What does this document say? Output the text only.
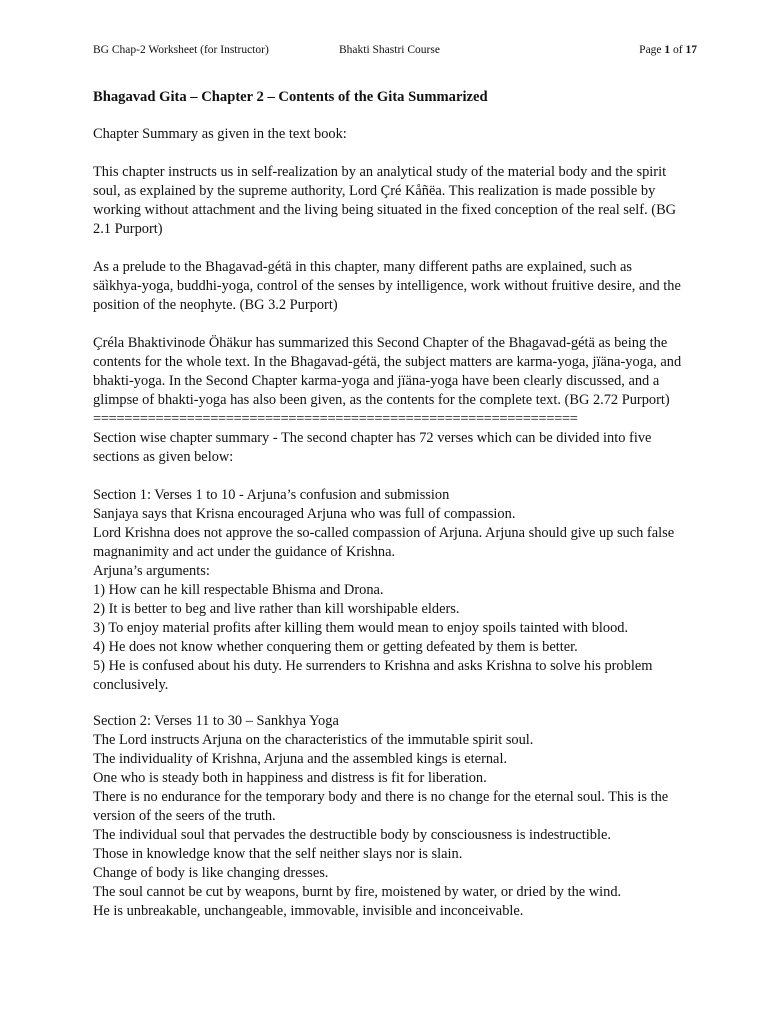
BG Chap-2 Worksheet (for Instructor)	Bhakti Shastri Course	Page 1 of 17

Bhagavad Gita – Chapter 2 – Contents of the Gita Summarized

Chapter Summary as given in the text book:

This chapter instructs us in self-realization by an analytical study of the material body and the spirit soul, as explained by the supreme authority, Lord Çré Kåñëa. This realization is made possible by working without attachment and the living being situated in the fixed conception of the real self. (BG 2.1 Purport)

As a prelude to the Bhagavad-gétä in this chapter, many different paths are explained, such as säìkhya-yoga, buddhi-yoga, control of the senses by intelligence, work without fruitive desire, and the position of the neophyte. (BG 3.2 Purport)

Çréla Bhaktivinode Öhäkur has summarized this Second Chapter of the Bhagavad-gétä as being the contents for the whole text. In the Bhagavad-gétä, the subject matters are karma-yoga, jïäna-yoga, and bhakti-yoga. In the Second Chapter karma-yoga and jïäna-yoga have been clearly discussed, and a glimpse of bhakti-yoga has also been given, as the contents for the complete text. (BG 2.72 Purport)

==============================================================

Section wise chapter summary - The second chapter has 72 verses which can be divided into five sections as given below:

Section 1: Verses 1 to 10 - Arjuna’s confusion and submission

Sanjaya says that Krisna encouraged Arjuna who was full of compassion.

Lord Krishna does not approve the so-called compassion of Arjuna. Arjuna should give up such false magnanimity and act under the guidance of Krishna.

Arjuna’s arguments:

1) How can he kill respectable Bhisma and Drona.

2) It is better to beg and live rather than kill worshipable elders.

3) To enjoy material profits after killing them would mean to enjoy spoils tainted with blood.

4) He does not know whether conquering them or getting defeated by them is better.

5) He is confused about his duty. He surrenders to Krishna and asks Krishna to solve his problem conclusively.

Section 2: Verses 11 to 30 – Sankhya Yoga

The Lord instructs Arjuna on the characteristics of the immutable spirit soul.

The individuality of Krishna, Arjuna and the assembled kings is eternal.

One who is steady both in happiness and distress is fit for liberation.

There is no endurance for the temporary body and there is no change for the eternal soul. This is the version of the seers of the truth.

The individual soul that pervades the destructible body by consciousness is indestructible.

Those in knowledge know that the self neither slays nor is slain.

Change of body is like changing dresses.

The soul cannot be cut by weapons, burnt by fire, moistened by water, or dried by the wind.

He is unbreakable, unchangeable, immovable, invisible and inconceivable.
